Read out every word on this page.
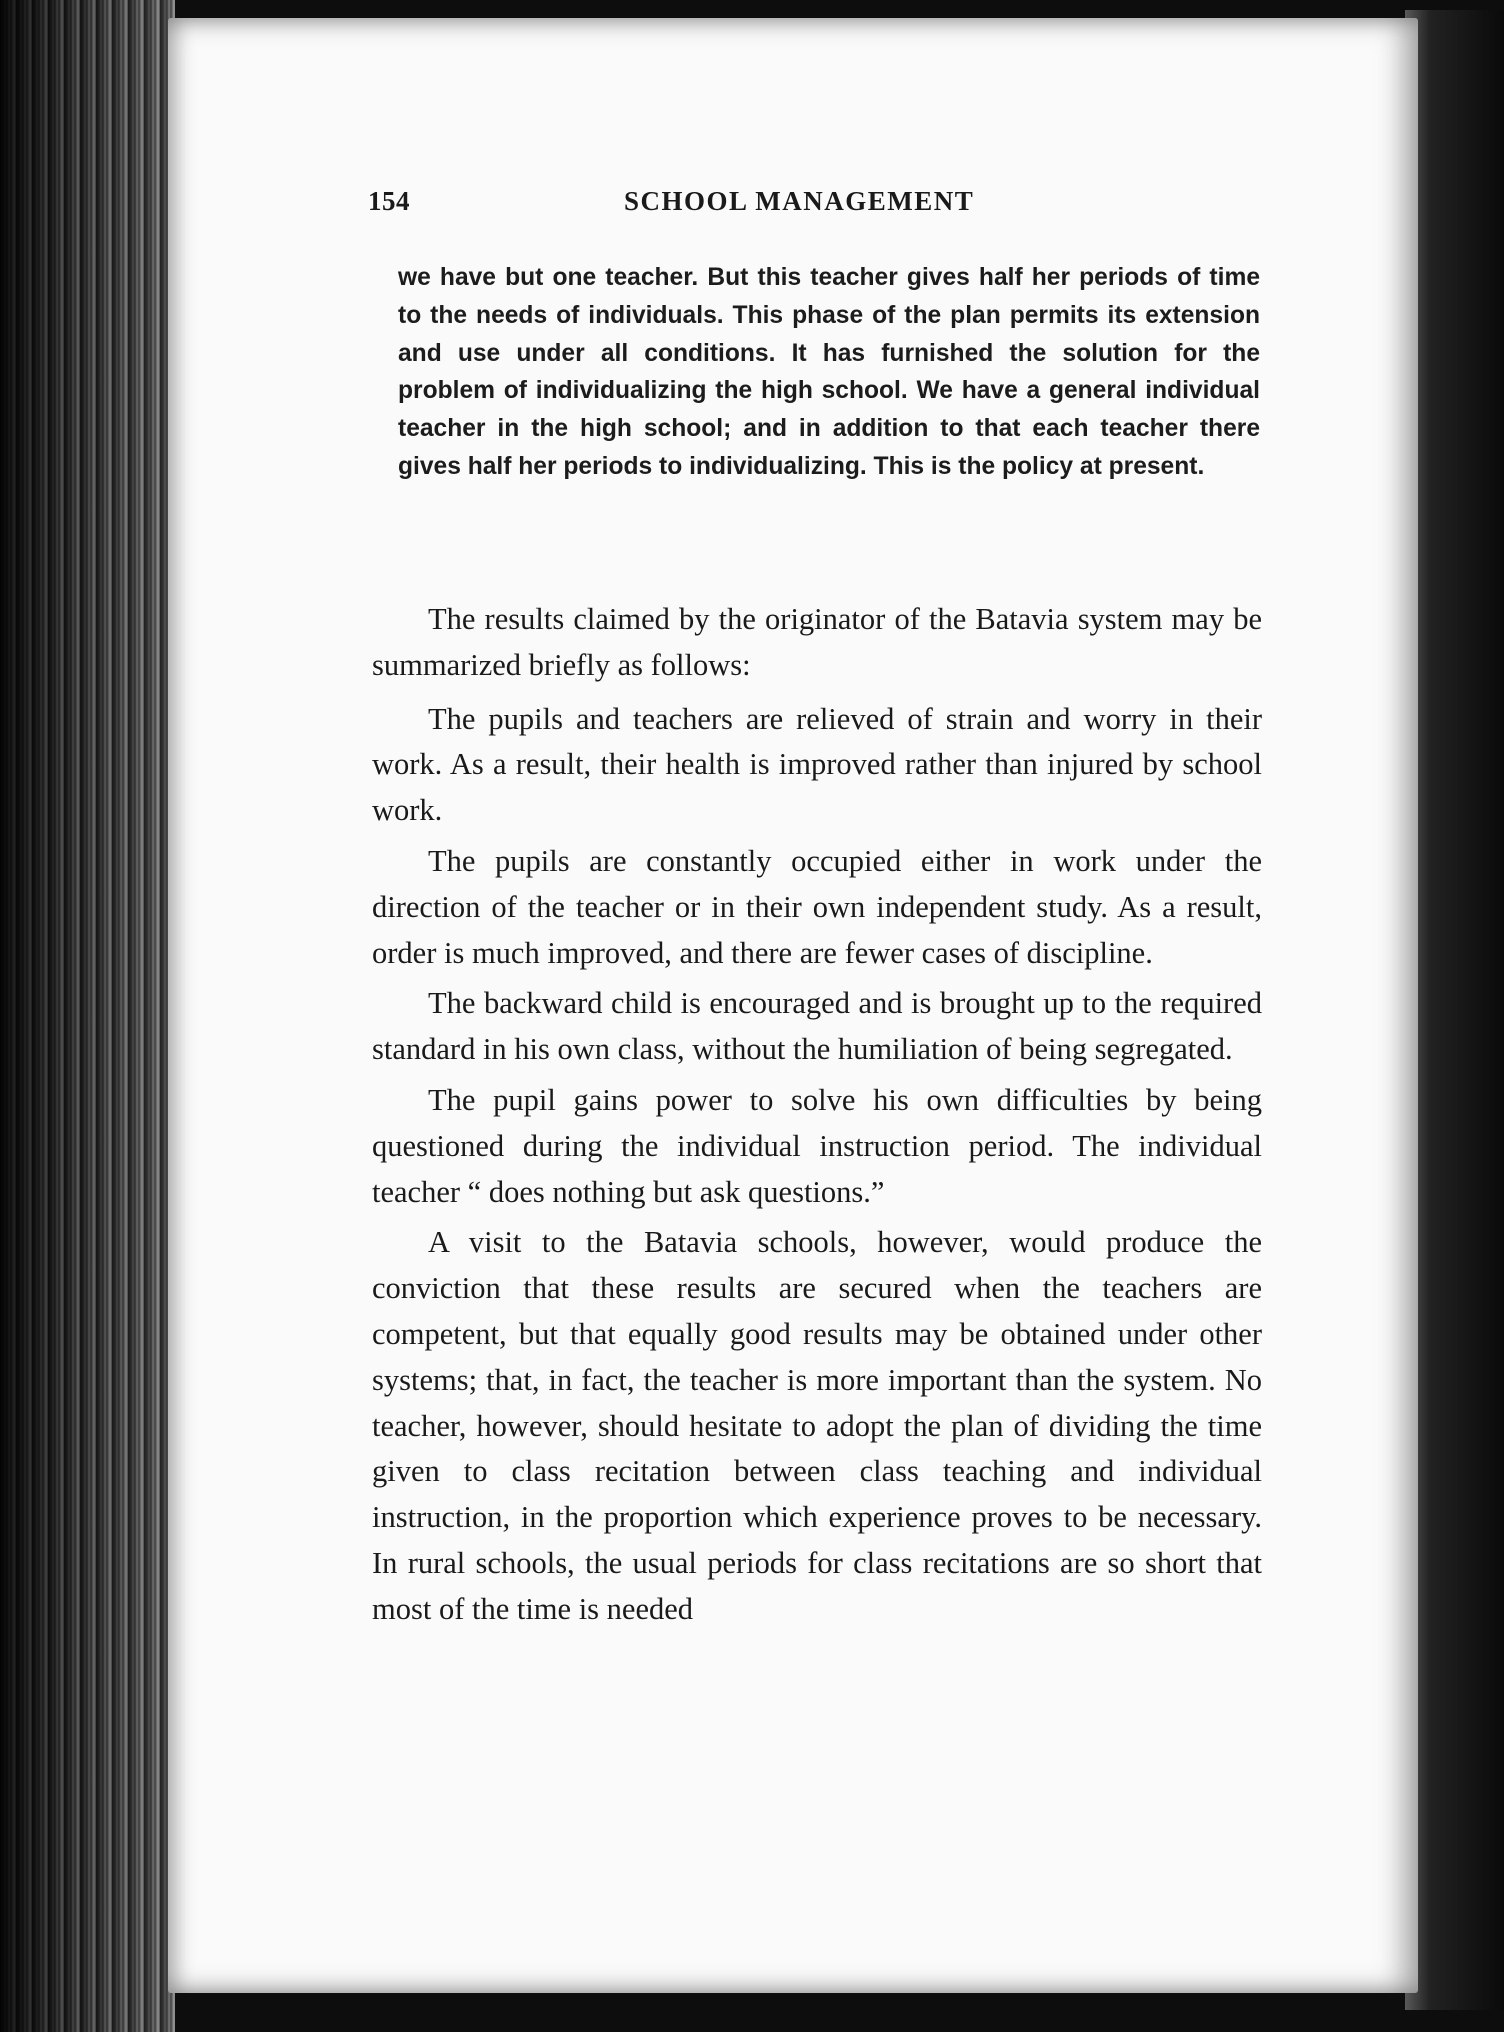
154	SCHOOL MANAGEMENT

we have but one teacher. But this teacher gives half her periods of time to the needs of individuals. This phase of the plan permits its extension and use under all conditions. It has furnished the solution for the problem of individualizing the high school. We have a general individual teacher in the high school; and in addition to that each teacher there gives half her periods to individualizing. This is the policy at present.

The results claimed by the originator of the Batavia system may be summarized briefly as follows:

The pupils and teachers are relieved of strain and worry in their work. As a result, their health is improved rather than injured by school work.

The pupils are constantly occupied either in work under the direction of the teacher or in their own independent study. As a result, order is much improved, and there are fewer cases of discipline.

The backward child is encouraged and is brought up to the required standard in his own class, without the humiliation of being segregated.

The pupil gains power to solve his own difficulties by being questioned during the individual instruction period. The individual teacher “ does nothing but ask questions.”

A visit to the Batavia schools, however, would produce the conviction that these results are secured when the teachers are competent, but that equally good results may be obtained under other systems; that, in fact, the teacher is more important than the system. No teacher, however, should hesitate to adopt the plan of dividing the time given to class recitation between class teaching and individual instruction, in the proportion which experience proves to be necessary. In rural schools, the usual periods for class recitations are so short that most of the time is needed
